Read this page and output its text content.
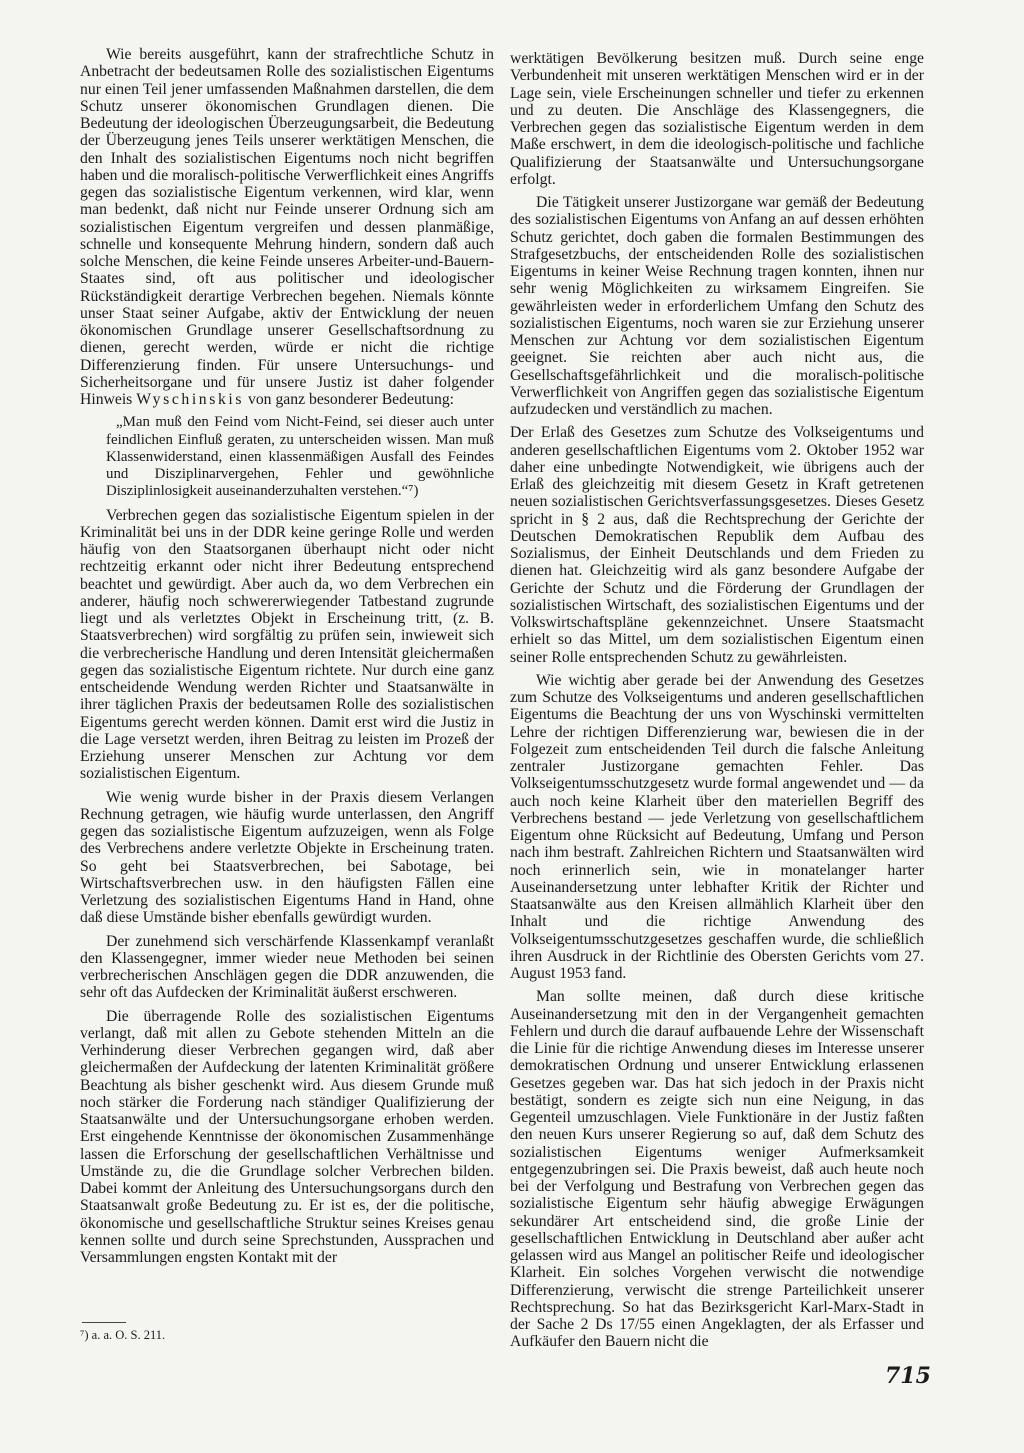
Wie bereits ausgeführt, kann der strafrechtliche Schutz in Anbetracht der bedeutsamen Rolle des sozialistischen Eigentums nur einen Teil jener umfassenden Maßnahmen darstellen, die dem Schutz unserer ökonomischen Grundlagen dienen. Die Bedeutung der ideologischen Überzeugungsarbeit, die Bedeutung der Überzeugung jenes Teils unserer werktätigen Menschen, die den Inhalt des sozialistischen Eigentums noch nicht begriffen haben und die moralisch-politische Verwerflichkeit eines Angriffs gegen das sozialistische Eigentum verkennen, wird klar, wenn man bedenkt, daß nicht nur Feinde unserer Ordnung sich am sozialistischen Eigentum vergreifen und dessen planmäßige, schnelle und konsequente Mehrung hindern, sondern daß auch solche Menschen, die keine Feinde unseres Arbeiter-und-Bauern-Staates sind, oft aus politischer und ideologischer Rückständigkeit derartige Verbrechen begehen. Niemals könnte unser Staat seiner Aufgabe, aktiv der Entwicklung der neuen ökonomischen Grundlage unserer Gesellschaftsordnung zu dienen, gerecht werden, würde er nicht die richtige Differenzierung finden. Für unsere Untersuchungs- und Sicherheitsorgane und für unsere Justiz ist daher folgender Hinweis Wyschinskis von ganz besonderer Bedeutung:

„Man muß den Feind vom Nicht-Feind, sei dieser auch unter feindlichen Einfluß geraten, zu unterscheiden wissen. Man muß Klassenwiderstand, einen klassenmäßigen Ausfall des Feindes und Disziplinarvergehen, Fehler und gewöhnliche Disziplinlosigkeit auseinanderzuhalten verstehen.“⁷)

Verbrechen gegen das sozialistische Eigentum spielen in der Kriminalität bei uns in der DDR keine geringe Rolle und werden häufig von den Staatsorganen überhaupt nicht oder nicht rechtzeitig erkannt oder nicht ihrer Bedeutung entsprechend beachtet und gewürdigt. Aber auch da, wo dem Verbrechen ein anderer, häufig noch schwererwiegender Tatbestand zugrunde liegt und als verletztes Objekt in Erscheinung tritt, (z. B. Staatsverbrechen) wird sorgfältig zu prüfen sein, inwieweit sich die verbrecherische Handlung und deren Intensität gleichermaßen gegen das sozialistische Eigentum richtete. Nur durch eine ganz entscheidende Wendung werden Richter und Staatsanwälte in ihrer täglichen Praxis der bedeutsamen Rolle des sozialistischen Eigentums gerecht werden können. Damit erst wird die Justiz in die Lage versetzt werden, ihren Beitrag zu leisten im Prozeß der Erziehung unserer Menschen zur Achtung vor dem sozialistischen Eigentum.

Wie wenig wurde bisher in der Praxis diesem Verlangen Rechnung getragen, wie häufig wurde unterlassen, den Angriff gegen das sozialistische Eigentum aufzuzeigen, wenn als Folge des Verbrechens andere verletzte Objekte in Erscheinung traten. So geht bei Staatsverbrechen, bei Sabotage, bei Wirtschaftsverbrechen usw. in den häufigsten Fällen eine Verletzung des sozialistischen Eigentums Hand in Hand, ohne daß diese Umstände bisher ebenfalls gewürdigt wurden.

Der zunehmend sich verschärfende Klassenkampf veranlaßt den Klassengegner, immer wieder neue Methoden bei seinen verbrecherischen Anschlägen gegen die DDR anzuwenden, die sehr oft das Aufdecken der Kriminalität äußerst erschweren.

Die überragende Rolle des sozialistischen Eigentums verlangt, daß mit allen zu Gebote stehenden Mitteln an die Verhinderung dieser Verbrechen gegangen wird, daß aber gleichermaßen der Aufdeckung der latenten Kriminalität größere Beachtung als bisher geschenkt wird. Aus diesem Grunde muß noch stärker die Forderung nach ständiger Qualifizierung der Staatsanwälte und der Untersuchungsorgane erhoben werden. Erst eingehende Kenntnisse der ökonomischen Zusammenhänge lassen die Erforschung der gesellschaftlichen Verhältnisse und Umstände zu, die die Grundlage solcher Verbrechen bilden. Dabei kommt der Anleitung des Untersuchungsorgans durch den Staatsanwalt große Bedeutung zu. Er ist es, der die politische, ökonomische und gesellschaftliche Struktur seines Kreises genau kennen sollte und durch seine Sprechstunden, Aussprachen und Versammlungen engsten Kontakt mit der

werktätigen Bevölkerung besitzen muß. Durch seine enge Verbundenheit mit unseren werktätigen Menschen wird er in der Lage sein, viele Erscheinungen schneller und tiefer zu erkennen und zu deuten. Die Anschläge des Klassengegners, die Verbrechen gegen das sozialistische Eigentum werden in dem Maße erschwert, in dem die ideologisch-politische und fachliche Qualifizierung der Staatsanwälte und Untersuchungsorgane erfolgt.

Die Tätigkeit unserer Justizorgane war gemäß der Bedeutung des sozialistischen Eigentums von Anfang an auf dessen erhöhten Schutz gerichtet, doch gaben die formalen Bestimmungen des Strafgesetzbuchs, der entscheidenden Rolle des sozialistischen Eigentums in keiner Weise Rechnung tragen konnten, ihnen nur sehr wenig Möglichkeiten zu wirksamem Eingreifen. Sie gewährleisten weder in erforderlichem Umfang den Schutz des sozialistischen Eigentums, noch waren sie zur Erziehung unserer Menschen zur Achtung vor dem sozialistischen Eigentum geeignet. Sie reichten aber auch nicht aus, die Gesellschaftsgefährlichkeit und die moralisch-politische Verwerflichkeit von Angriffen gegen das sozialistische Eigentum aufzudecken und verständlich zu machen.

Der Erlaß des Gesetzes zum Schutze des Volkseigentums und anderen gesellschaftlichen Eigentums vom 2. Oktober 1952 war daher eine unbedingte Notwendigkeit, wie übrigens auch der Erlaß des gleichzeitig mit diesem Gesetz in Kraft getretenen neuen sozialistischen Gerichtsverfassungsgesetzes. Dieses Gesetz spricht in § 2 aus, daß die Rechtsprechung der Gerichte der Deutschen Demokratischen Republik dem Aufbau des Sozialismus, der Einheit Deutschlands und dem Frieden zu dienen hat. Gleichzeitig wird als ganz besondere Aufgabe der Gerichte der Schutz und die Förderung der Grundlagen der sozialistischen Wirtschaft, des sozialistischen Eigentums und der Volkswirtschaftspläne gekennzeichnet. Unsere Staatsmacht erhielt so das Mittel, um dem sozialistischen Eigentum einen seiner Rolle entsprechenden Schutz zu gewährleisten.

Wie wichtig aber gerade bei der Anwendung des Gesetzes zum Schutze des Volkseigentums und anderen gesellschaftlichen Eigentums die Beachtung der uns von Wyschinski vermittelten Lehre der richtigen Differenzierung war, bewiesen die in der Folgezeit zum entscheidenden Teil durch die falsche Anleitung zentraler Justizorgane gemachten Fehler. Das Volkseigentumsschutzgesetz wurde formal angewendet und — da auch noch keine Klarheit über den materiellen Begriff des Verbrechens bestand — jede Verletzung von gesellschaftlichem Eigentum ohne Rücksicht auf Bedeutung, Umfang und Person nach ihm bestraft. Zahlreichen Richtern und Staatsanwälten wird noch erinnerlich sein, wie in monatelanger harter Auseinandersetzung unter lebhafter Kritik der Richter und Staatsanwälte aus den Kreisen allmählich Klarheit über den Inhalt und die richtige Anwendung des Volkseigentumsschutzgesetzes geschaffen wurde, die schließlich ihren Ausdruck in der Richtlinie des Obersten Gerichts vom 27. August 1953 fand.

Man sollte meinen, daß durch diese kritische Auseinandersetzung mit den in der Vergangenheit gemachten Fehlern und durch die darauf aufbauende Lehre der Wissenschaft die Linie für die richtige Anwendung dieses im Interesse unserer demokratischen Ordnung und unserer Entwicklung erlassenen Gesetzes gegeben war. Das hat sich jedoch in der Praxis nicht bestätigt, sondern es zeigte sich nun eine Neigung, in das Gegenteil umzuschlagen. Viele Funktionäre in der Justiz faßten den neuen Kurs unserer Regierung so auf, daß dem Schutz des sozialistischen Eigentums weniger Aufmerksamkeit entgegenzubringen sei. Die Praxis beweist, daß auch heute noch bei der Verfolgung und Bestrafung von Verbrechen gegen das sozialistische Eigentum sehr häufig abwegige Erwägungen sekundärer Art entscheidend sind, die große Linie der gesellschaftlichen Entwicklung in Deutschland aber außer acht gelassen wird aus Mangel an politischer Reife und ideologischer Klarheit. Ein solches Vorgehen verwischt die notwendige Differenzierung, verwischt die strenge Parteilichkeit unserer Rechtsprechung. So hat das Bezirksgericht Karl-Marx-Stadt in der Sache 2 Ds 17/55 einen Angeklagten, der als Erfasser und Aufkäufer den Bauern nicht die

⁷) a. a. O. S. 211.
715
